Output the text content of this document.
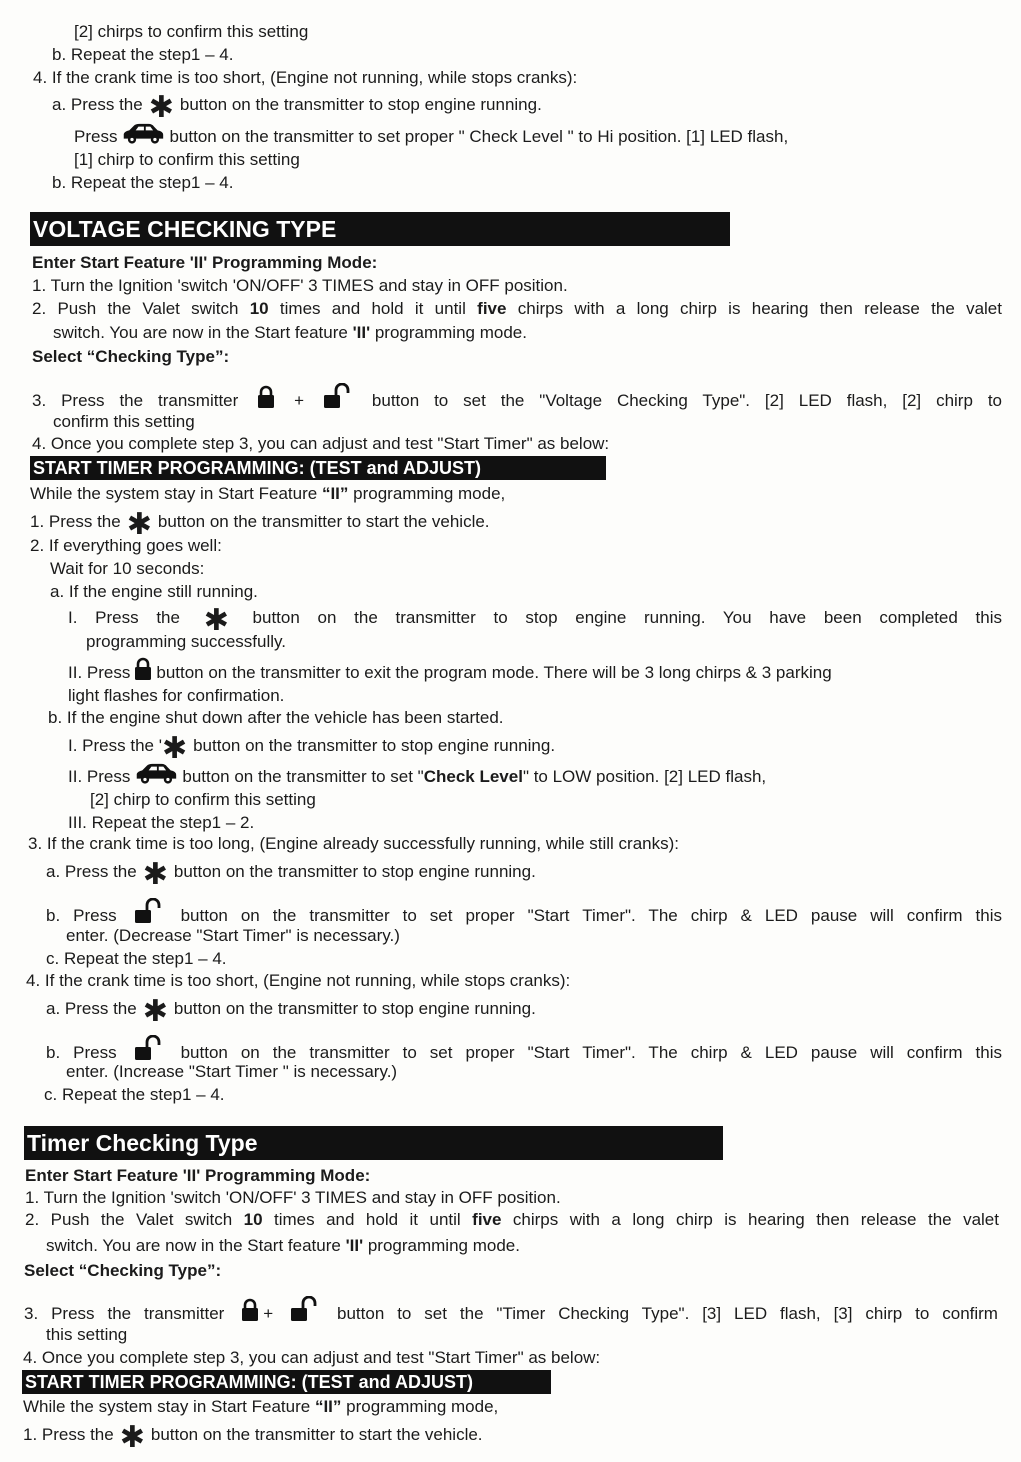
[2] chirps to confirm this setting
b. Repeat the step1 – 4.
4. If the crank time is too short, (Engine not running, while stops cranks):
a. Press the ✱ button on the transmitter to stop engine running.
Press	button on the transmitter to set proper " Check Level " to Hi position. [1] LED flash,
[1] chirp to confirm this setting
b. Repeat the step1 – 4.
VOLTAGE CHECKING TYPE
Enter Start Feature 'II' Programming Mode:
1. Turn the Ignition 'switch 'ON/OFF' 3 TIMES and stay in OFF position.
2. Push the Valet switch 10 times and hold it until five chirps with a long chirp is hearing then release the valet
switch. You are now in the Start feature 'II' programming mode.
Select “Checking Type”:
3. Press the transmitter	+	button to set the "Voltage Checking Type". [2] LED flash, [2] chirp to
confirm this setting
4. Once you complete step 3, you can adjust and test "Start Timer" as below:
START TIMER PROGRAMMING: (TEST and ADJUST)
While the system stay in Start Feature “II” programming mode,
1. Press the ✱ button on the transmitter to start the vehicle.
2. If everything goes well:
Wait for 10 seconds:
a. If the engine still running.
I. Press the ✱ button on the transmitter to stop engine running. You have been completed this
programming successfully.
II. Press button on the transmitter to exit the program mode. There will be 3 long chirps & 3 parking
light flashes for confirmation.
b. If the engine shut down after the vehicle has been started.
I. Press the '✱ button on the transmitter to stop engine running.
II. Press	button on the transmitter to set "Check Level" to LOW position. [2] LED flash,
[2] chirp to confirm this setting
III. Repeat the step1 – 2.
3. If the crank time is too long, (Engine already successfully running, while still cranks):
a. Press the ✱ button on the transmitter to stop engine running.
b. Press	button on the transmitter to set proper "Start Timer". The chirp & LED pause will confirm this
enter. (Decrease "Start Timer" is necessary.)
c. Repeat the step1 – 4.
4. If the crank time is too short, (Engine not running, while stops cranks):
a. Press the ✱ button on the transmitter to stop engine running.
b. Press	button on the transmitter to set proper "Start Timer". The chirp & LED pause will confirm this
enter. (Increase "Start Timer " is necessary.)
c. Repeat the step1 – 4.
Timer Checking Type
Enter Start Feature 'II' Programming Mode:
1. Turn the Ignition 'switch 'ON/OFF' 3 TIMES and stay in OFF position.
2. Push the Valet switch 10 times and hold it until five chirps with a long chirp is hearing then release the valet
switch. You are now in the Start feature 'II' programming mode.
Select “Checking Type”:
3. Press the transmitter +	button to set the "Timer Checking Type". [3] LED flash, [3] chirp to confirm
this setting
4. Once you complete step 3, you can adjust and test "Start Timer" as below:
START TIMER PROGRAMMING: (TEST and ADJUST)
While the system stay in Start Feature “II” programming mode,
1. Press the ✱ button on the transmitter to start the vehicle.
